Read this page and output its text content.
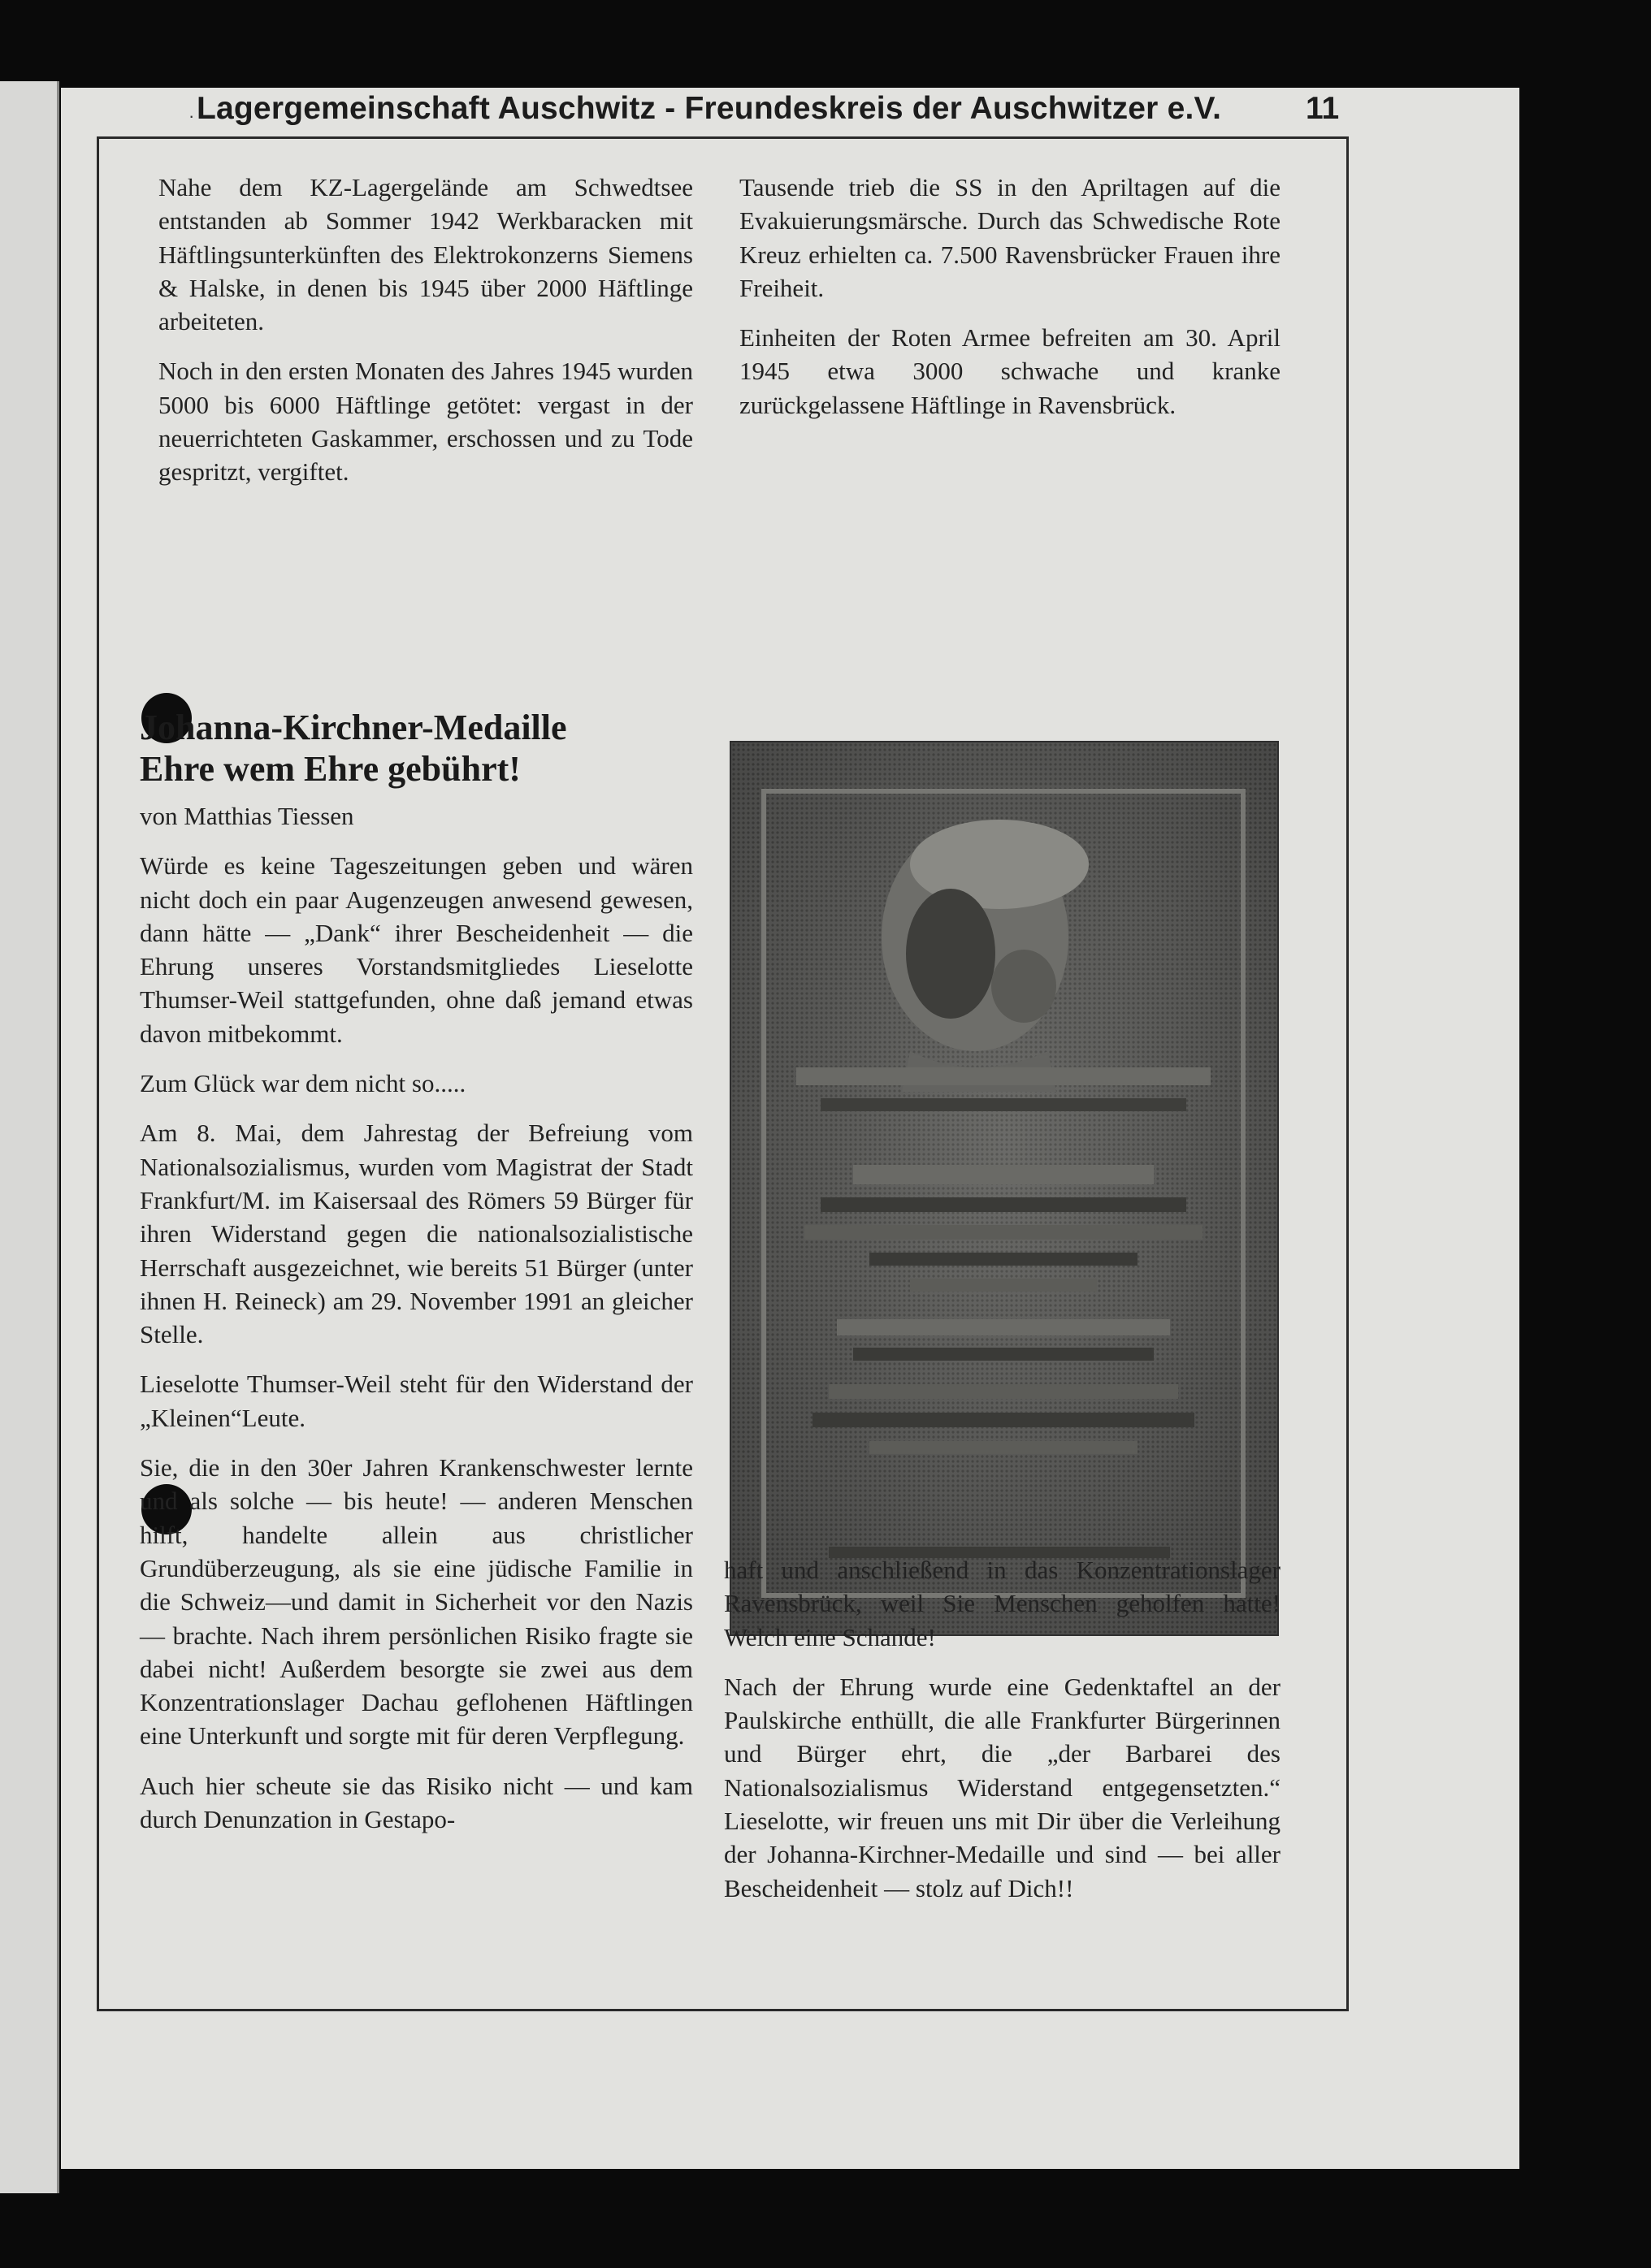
Lagergemeinschaft Auschwitz - Freundeskreis der Auschwitzer e.V.	11
·

Nahe dem KZ-Lagergelände am Schwedtsee entstanden ab Sommer 1942 Werkbaracken mit Häftlingsunterkünften des Elektrokonzerns Siemens & Halske, in denen bis 1945 über 2000 Häftlinge arbeiteten.

Noch in den ersten Monaten des Jahres 1945 wurden 5000 bis 6000 Häftlinge getötet: vergast in der neuerrichteten Gaskammer, erschossen und zu Tode gespritzt, vergiftet.

Tausende trieb die SS in den Apriltagen auf die Evakuierungsmärsche. Durch das Schwedische Rote Kreuz erhielten ca. 7.500 Ravensbrücker Frauen ihre Freiheit.

Einheiten der Roten Armee befreiten am 30. April 1945 etwa 3000 schwache und kranke zurückgelassene Häftlinge in Ravensbrück.

Johanna-Kirchner-Medaille
Ehre wem Ehre gebührt!

von Matthias Tiessen

Würde es keine Tageszeitungen geben und wären nicht doch ein paar Augenzeugen anwesend gewesen, dann hätte — „Dank“ ihrer Bescheidenheit — die Ehrung unseres Vorstandsmitgliedes Lieselotte Thumser-Weil stattgefunden, ohne daß jemand etwas davon mitbekommt.

Zum Glück war dem nicht so.....

Am 8. Mai, dem Jahrestag der Befreiung vom Nationalsozialismus, wurden vom Magistrat der Stadt Frankfurt/M. im Kaisersaal des Römers 59 Bürger für ihren Widerstand gegen die nationalsozialistische Herrschaft ausgezeichnet, wie bereits 51 Bürger (unter ihnen H. Reineck) am 29. November 1991 an gleicher Stelle.

Lieselotte Thumser-Weil steht für den Widerstand der „Kleinen“Leute.

Sie, die in den 30er Jahren Krankenschwester lernte und als solche — bis heute! — anderen Menschen hilft, handelte allein aus christlicher Grundüberzeugung, als sie eine jüdische Familie in die Schweiz—und damit in Sicherheit vor den Nazis — brachte. Nach ihrem persönlichen Risiko fragte sie dabei nicht! Außerdem besorgte sie zwei aus dem Konzentrationslager Dachau geflohenen Häftlingen eine Unterkunft und sorgte mit für deren Verpflegung.

Auch hier scheute sie das Risiko nicht — und kam durch Denunzation in Gestapo-

haft und anschließend in das Konzentrationslager Ravensbrück, weil Sie Menschen geholfen hatte! Welch eine Schande!

Nach der Ehrung wurde eine Gedenktaftel an der Paulskirche enthüllt, die alle Frankfurter Bürgerinnen und Bürger ehrt, die „der Barbarei des Nationalsozialismus Widerstand entgegensetzten.“ Lieselotte, wir freuen uns mit Dir über die Verleihung der Johanna-Kirchner-Medaille und sind — bei aller Bescheidenheit — stolz auf Dich!!
